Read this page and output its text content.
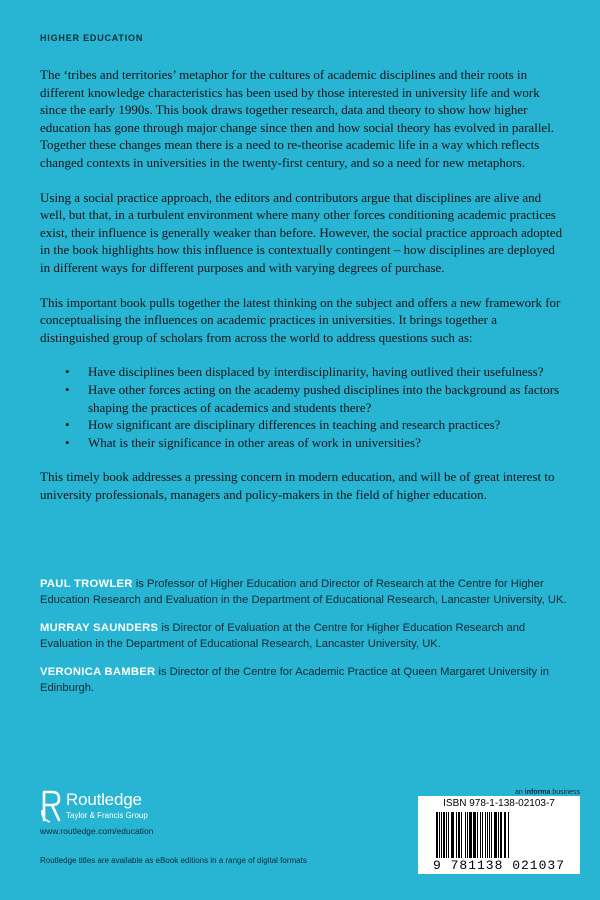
HIGHER EDUCATION

The ‘tribes and territories’ metaphor for the cultures of academic disciplines and their roots in different knowledge characteristics has been used by those interested in university life and work since the early 1990s. This book draws together research, data and theory to show how higher education has gone through major change since then and how social theory has evolved in parallel. Together these changes mean there is a need to re-theorise academic life in a way which reflects changed contexts in universities in the twenty-first century, and so a need for new metaphors.

Using a social practice approach, the editors and contributors argue that disciplines are alive and well, but that, in a turbulent environment where many other forces conditioning academic practices exist, their influence is generally weaker than before. However, the social practice approach adopted in the book highlights how this influence is contextually contingent – how disciplines are deployed in different ways for different purposes and with varying degrees of purchase.

This important book pulls together the latest thinking on the subject and offers a new framework for conceptualising the influences on academic practices in universities. It brings together a distinguished group of scholars from across the world to address questions such as:

• Have disciplines been displaced by interdisciplinarity, having outlived their usefulness?
• Have other forces acting on the academy pushed disciplines into the background as factors shaping the practices of academics and students there?
• How significant are disciplinary differences in teaching and research practices?
• What is their significance in other areas of work in universities?

This timely book addresses a pressing concern in modern education, and will be of great interest to university professionals, managers and policy-makers in the field of higher education.

PAUL TROWLER is Professor of Higher Education and Director of Research at the Centre for Higher Education Research and Evaluation in the Department of Educational Research, Lancaster University, UK.

MURRAY SAUNDERS is Director of Evaluation at the Centre for Higher Education Research and Evaluation in the Department of Educational Research, Lancaster University, UK.

VERONICA BAMBER is Director of the Centre for Academic Practice at Queen Margaret University in Edinburgh.

Routledge
Taylor & Francis Group
www.routledge.com/education
Routledge titles are available as eBook editions in a range of digital formats
an informa business
ISBN 978-1-138-02103-7
9 781138 021037
